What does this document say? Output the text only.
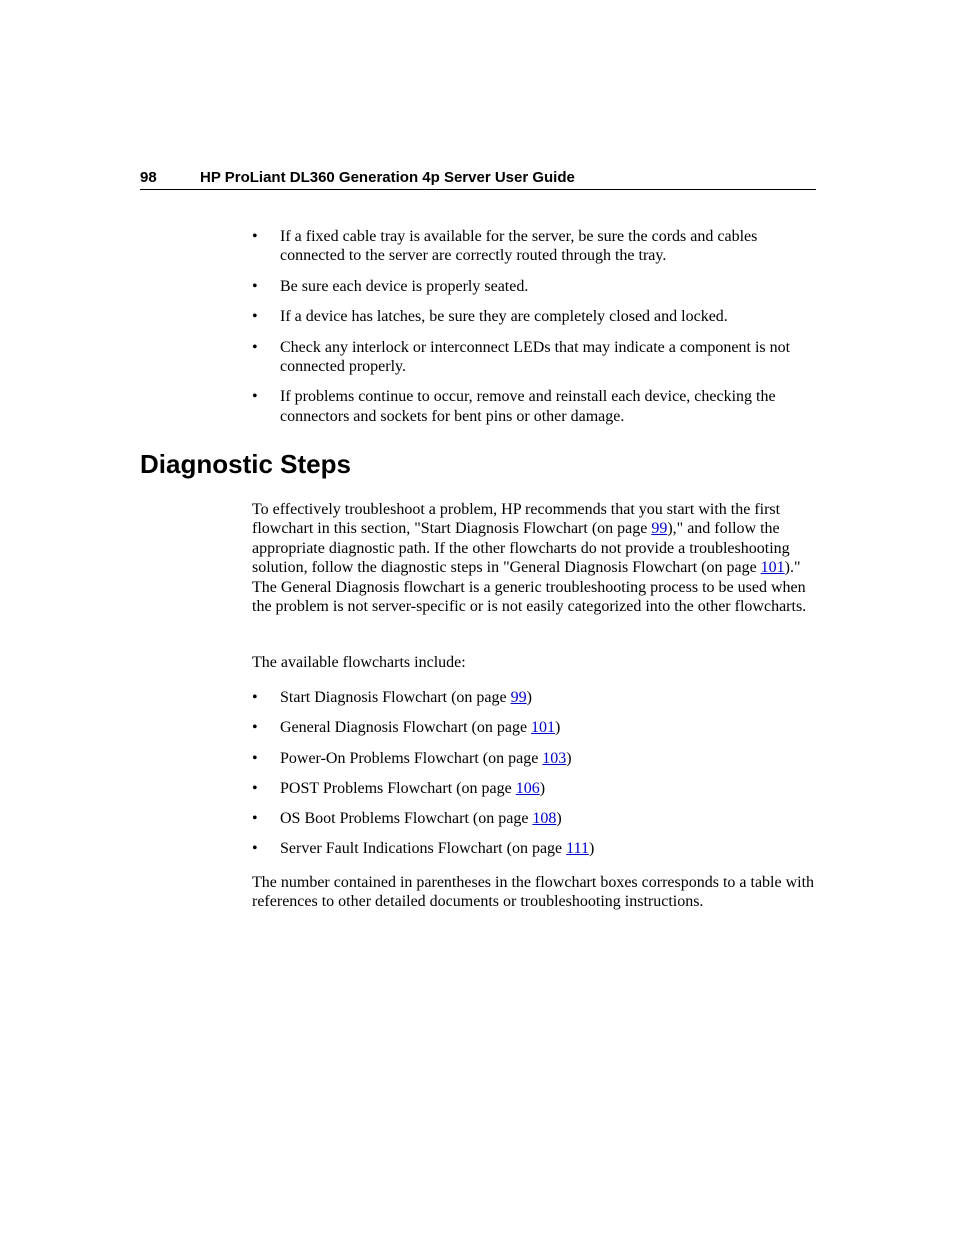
98	HP ProLiant DL360 Generation 4p Server User Guide
• If a fixed cable tray is available for the server, be sure the cords and cables connected to the server are correctly routed through the tray.
• Be sure each device is properly seated.
• If a device has latches, be sure they are completely closed and locked.
• Check any interlock or interconnect LEDs that may indicate a component is not connected properly.
• If problems continue to occur, remove and reinstall each device, checking the connectors and sockets for bent pins or other damage.
Diagnostic Steps

To effectively troubleshoot a problem, HP recommends that you start with the first flowchart in this section, "Start Diagnosis Flowchart (on page 99)," and follow the appropriate diagnostic path. If the other flowcharts do not provide a troubleshooting solution, follow the diagnostic steps in "General Diagnosis Flowchart (on page 101)." The General Diagnosis flowchart is a generic troubleshooting process to be used when the problem is not server-specific or is not easily categorized into the other flowcharts.

The available flowcharts include:

• Start Diagnosis Flowchart (on page 99)
• General Diagnosis Flowchart (on page 101)
• Power-On Problems Flowchart (on page 103)
• POST Problems Flowchart (on page 106)
• OS Boot Problems Flowchart (on page 108)
• Server Fault Indications Flowchart (on page 111)

The number contained in parentheses in the flowchart boxes corresponds to a table with references to other detailed documents or troubleshooting instructions.
